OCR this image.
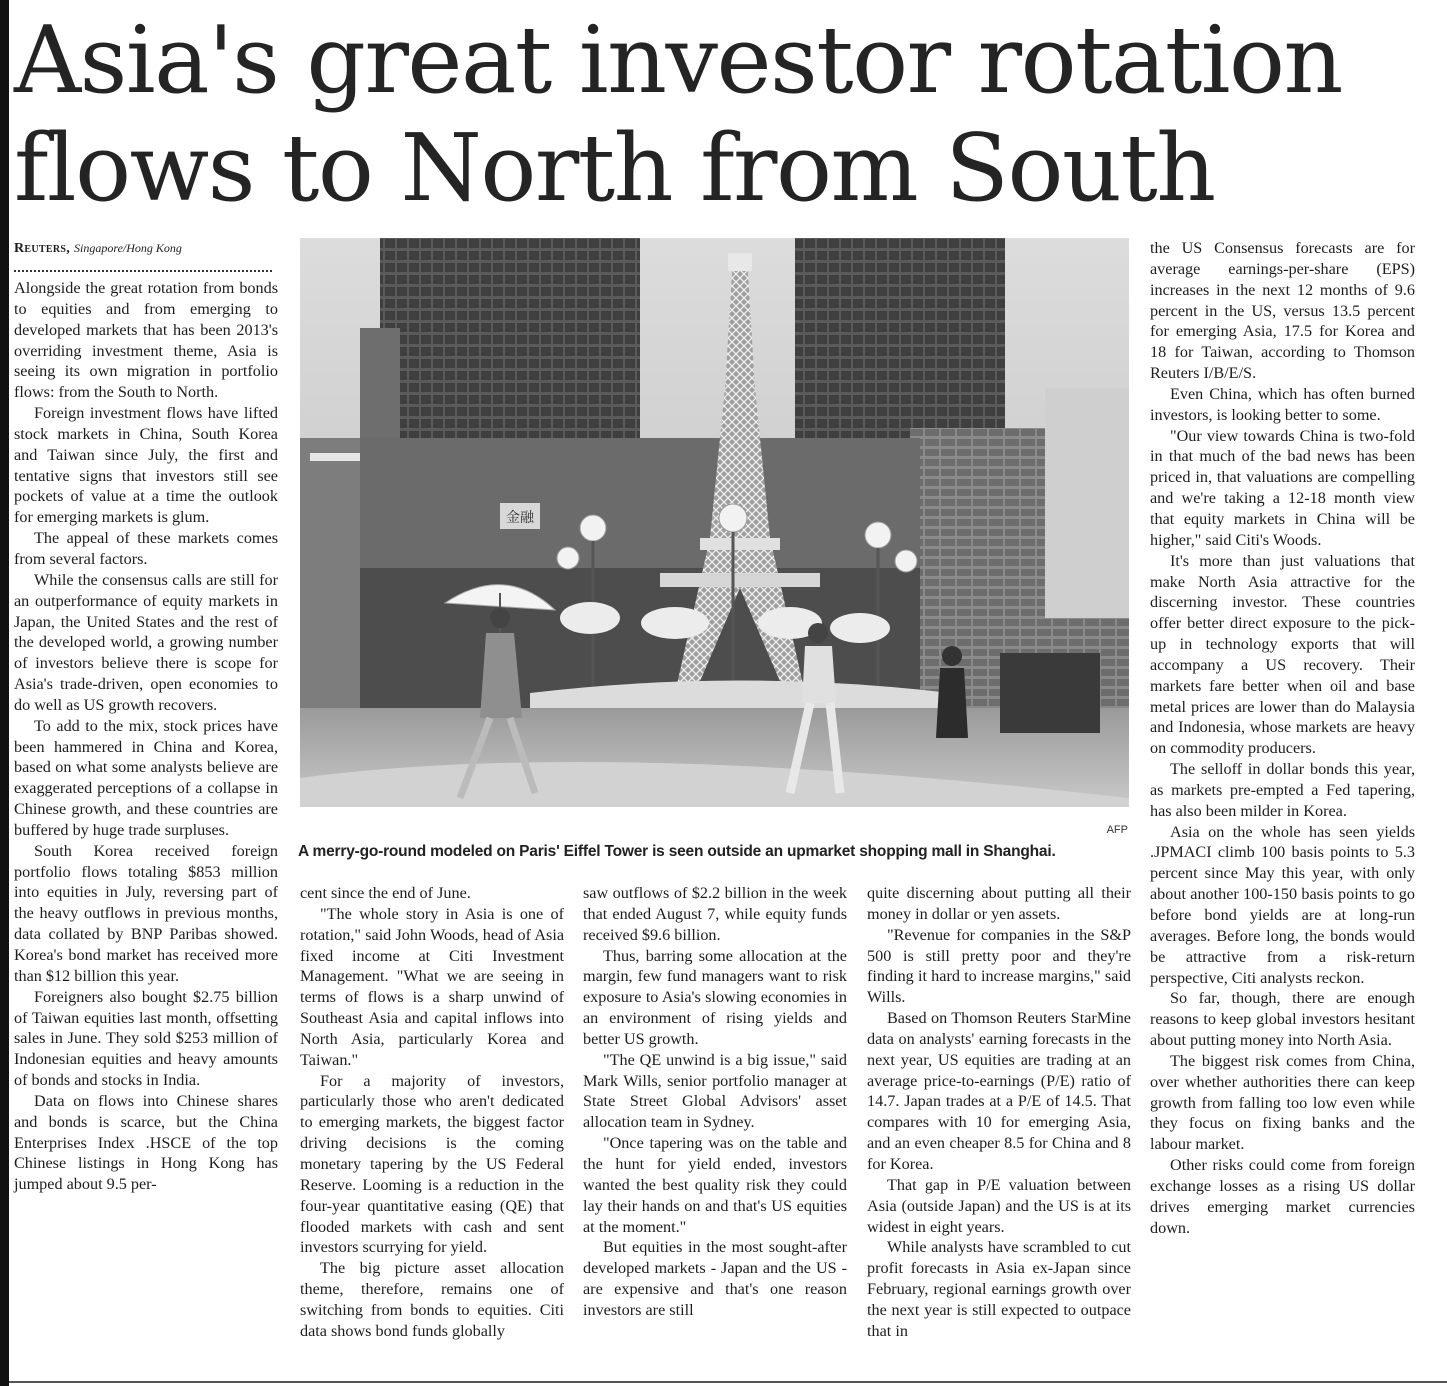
Asia's great investor rotation flows to North from South
Reuters, Singapore/Hong Kong

Alongside the great rotation from bonds to equities and from emerging to developed markets that has been 2013's overriding investment theme, Asia is seeing its own migration in portfolio flows: from the South to North.

Foreign investment flows have lifted stock markets in China, South Korea and Taiwan since July, the first and tentative signs that investors still see pockets of value at a time the outlook for emerging markets is glum.

The appeal of these markets comes from several factors.

While the consensus calls are still for an outperformance of equity markets in Japan, the United States and the rest of the developed world, a growing number of investors believe there is scope for Asia's trade-driven, open economies to do well as US growth recovers.

To add to the mix, stock prices have been hammered in China and Korea, based on what some analysts believe are exaggerated perceptions of a collapse in Chinese growth, and these countries are buffered by huge trade surpluses.

South Korea received foreign portfolio flows totaling $853 million into equities in July, reversing part of the heavy outflows in previous months, data collated by BNP Paribas showed. Korea's bond market has received more than $12 billion this year.

Foreigners also bought $2.75 billion of Taiwan equities last month, offsetting sales in June. They sold $253 million of Indonesian equities and heavy amounts of bonds and stocks in India.

Data on flows into Chinese shares and bonds is scarce, but the China Enterprises Index .HSCE of the top Chinese listings in Hong Kong has jumped about 9.5 per-

金融
AFP

A merry-go-round modeled on Paris' Eiffel Tower is seen outside an upmarket shopping mall in Shanghai.

cent since the end of June.

"The whole story in Asia is one of rotation," said John Woods, head of Asia fixed income at Citi Investment Management. "What we are seeing in terms of flows is a sharp unwind of Southeast Asia and capital inflows into North Asia, particularly Korea and Taiwan."

For a majority of investors, particularly those who aren't dedicated to emerging markets, the biggest factor driving decisions is the coming monetary tapering by the US Federal Reserve. Looming is a reduction in the four-year quantitative easing (QE) that flooded markets with cash and sent investors scurrying for yield.

The big picture asset allocation theme, therefore, remains one of switching from bonds to equities. Citi data shows bond funds globally

saw outflows of $2.2 billion in the week that ended August 7, while equity funds received $9.6 billion.

Thus, barring some allocation at the margin, few fund managers want to risk exposure to Asia's slowing economies in an environment of rising yields and better US growth.

"The QE unwind is a big issue," said Mark Wills, senior portfolio manager at State Street Global Advisors' asset allocation team in Sydney.

"Once tapering was on the table and the hunt for yield ended, investors wanted the best quality risk they could lay their hands on and that's US equities at the moment."

But equities in the most sought-after developed markets - Japan and the US - are expensive and that's one reason investors are still

quite discerning about putting all their money in dollar or yen assets.

"Revenue for companies in the S&P 500 is still pretty poor and they're finding it hard to increase margins," said Wills.

Based on Thomson Reuters StarMine data on analysts' earning forecasts in the next year, US equities are trading at an average price-to-earnings (P/E) ratio of 14.7. Japan trades at a P/E of 14.5. That compares with 10 for emerging Asia, and an even cheaper 8.5 for China and 8 for Korea.

That gap in P/E valuation between Asia (outside Japan) and the US is at its widest in eight years.

While analysts have scrambled to cut profit forecasts in Asia ex-Japan since February, regional earnings growth over the next year is still expected to outpace that in

the US Consensus forecasts are for average earnings-per-share (EPS) increases in the next 12 months of 9.6 percent in the US, versus 13.5 percent for emerging Asia, 17.5 for Korea and 18 for Taiwan, according to Thomson Reuters I/B/E/S.

Even China, which has often burned investors, is looking better to some.

"Our view towards China is two-fold in that much of the bad news has been priced in, that valuations are compelling and we're taking a 12-18 month view that equity markets in China will be higher," said Citi's Woods.

It's more than just valuations that make North Asia attractive for the discerning investor. These countries offer better direct exposure to the pick-up in technology exports that will accompany a US recovery. Their markets fare better when oil and base metal prices are lower than do Malaysia and Indonesia, whose markets are heavy on commodity producers.

The selloff in dollar bonds this year, as markets pre-empted a Fed tapering, has also been milder in Korea.

Asia on the whole has seen yields .JPMACI climb 100 basis points to 5.3 percent since May this year, with only about another 100-150 basis points to go before bond yields are at long-run averages. Before long, the bonds would be attractive from a risk-return perspective, Citi analysts reckon.

So far, though, there are enough reasons to keep global investors hesitant about putting money into North Asia.

The biggest risk comes from China, over whether authorities there can keep growth from falling too low even while they focus on fixing banks and the labour market.

Other risks could come from foreign exchange losses as a rising US dollar drives emerging market currencies down.
